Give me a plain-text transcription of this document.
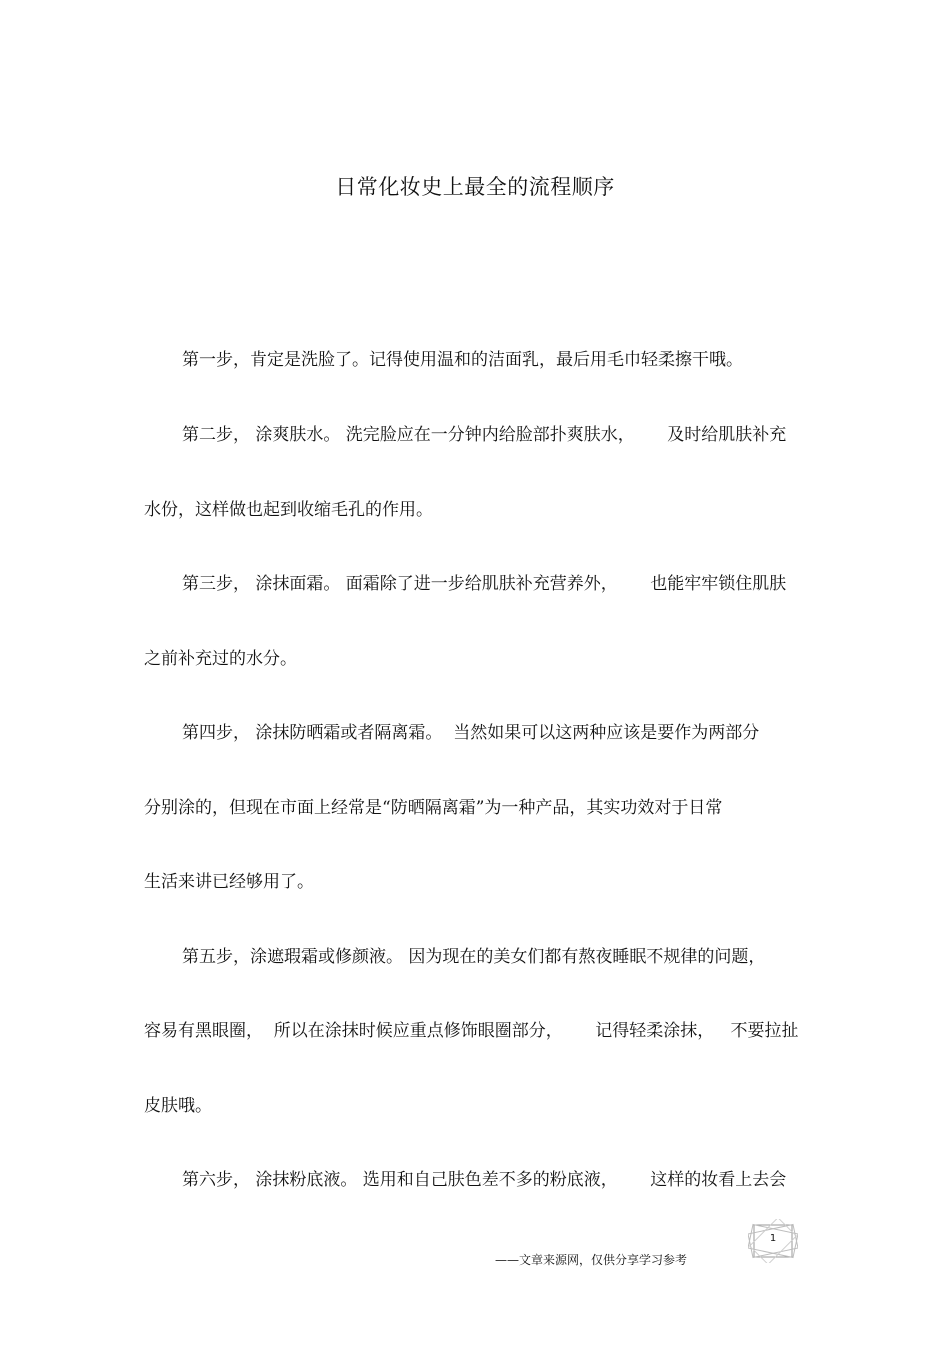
日常化妆史上最全的流程顺序
第一步，肯定是洗脸了。记得使用温和的洁面乳，最后用毛巾轻柔擦干哦。
第二步， 涂爽肤水。 洗完脸应在一分钟内给脸部扑爽肤水，      及时给肌肤补充
水份，这样做也起到收缩毛孔的作用。
第三步， 涂抹面霜。 面霜除了进一步给肌肤补充营养外，      也能牢牢锁住肌肤
之前补充过的水分。
第四步， 涂抹防晒霜或者隔离霜。  当然如果可以这两种应该是要作为两部分
分别涂的，但现在市面上经常是“防晒隔离霜”为一种产品，其实功效对于日常
生活来讲已经够用了。
第五步，涂遮瑕霜或修颜液。 因为现在的美女们都有熬夜睡眠不规律的问题，
容易有黑眼圈，  所以在涂抹时候应重点修饰眼圈部分，      记得轻柔涂抹，   不要拉扯
皮肤哦。
第六步， 涂抹粉底液。 选用和自己肤色差不多的粉底液，      这样的妆看上去会
——文章来源网，仅供分享学习参考
1
